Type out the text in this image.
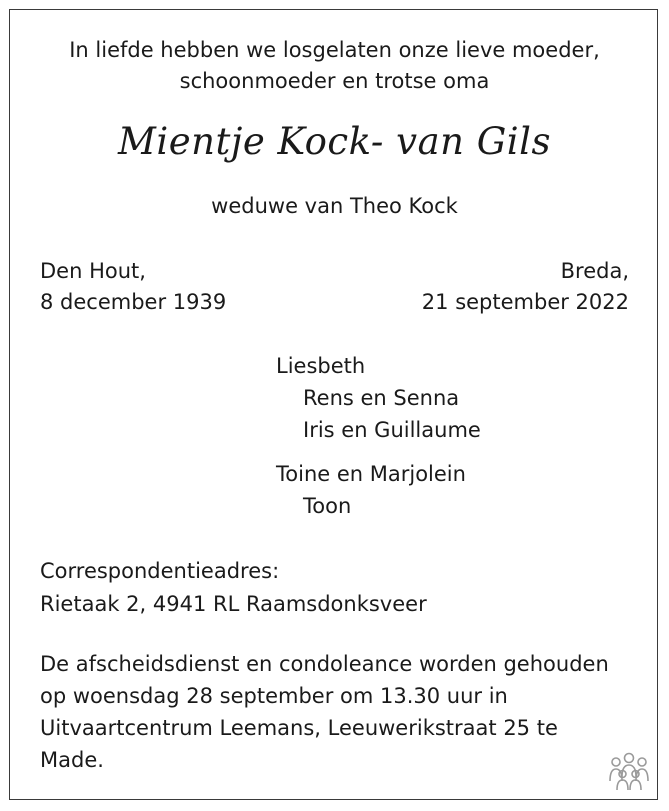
In liefde hebben we losgelaten onze lieve moeder,
schoonmoeder en trotse oma
Mientje Kock- van Gils
weduwe van Theo Kock
Den Hout,
8 december 1939
Breda,
21 september 2022
Liesbeth
Rens en Senna
Iris en Guillaume
Toine en Marjolein
Toon
Correspondentieadres:
Rietaak 2, 4941 RL Raamsdonksveer
De afscheidsdienst en condoleance worden gehouden
op woensdag 28 september om 13.30 uur in
Uitvaartcentrum Leemans, Leeuwerikstraat 25 te
Made.
